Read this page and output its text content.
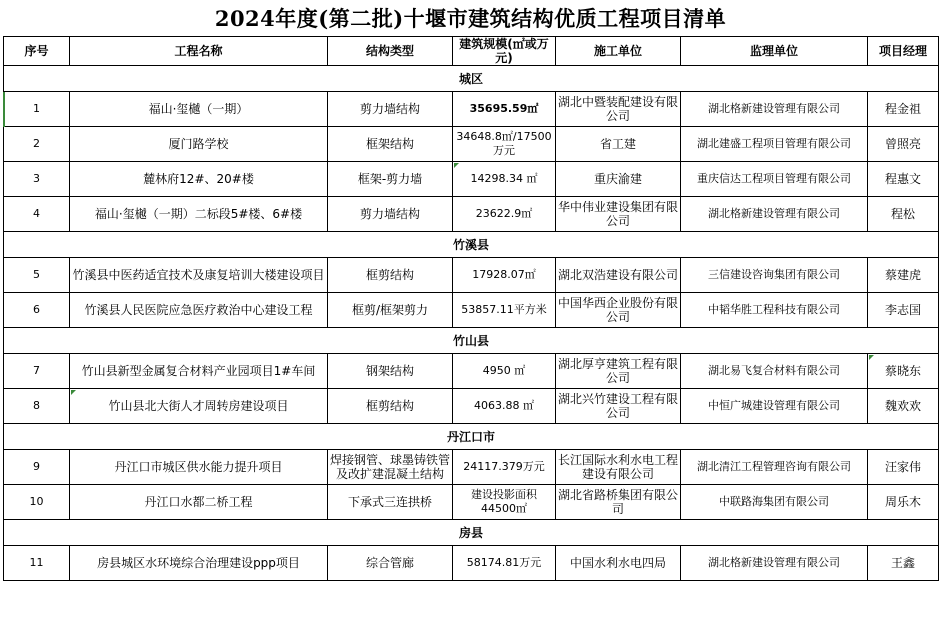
2024年度(第二批)十堰市建筑结构优质工程项目清单
序号	工程名称	结构类型	建筑规模(㎡或万元)	施工单位	监理单位	项目经理
城区						
1	福山·玺樾（一期）	剪力墙结构	35695.59㎡	湖北中暨装配建设有限公司	湖北格新建设管理有限公司	程金祖
2	厦门路学校	框架结构	34648.8㎡/17500万元	省工建	湖北建盛工程项目管理有限公司	曾照亮
3	麓林府12#、20#楼	框架-剪力墙	14298.34 ㎡	重庆渝建	重庆信达工程项目管理有限公司	程惠文
4	福山·玺樾（一期）二标段5#楼、6#楼	剪力墙结构	23622.9㎡	华中伟业建设集团有限公司	湖北格新建设管理有限公司	程松
竹溪县						
5	竹溪县中医药适宜技术及康复培训大楼建设项目	框剪结构	17928.07㎡	湖北双浩建设有限公司	三信建设咨询集团有限公司	蔡建虎
6	竹溪县人民医院应急医疗救治中心建设工程	框剪/框架剪力	53857.11平方米	中国华西企业股份有限公司	中韬华胜工程科技有限公司	李志国
竹山县						
7	竹山县新型金属复合材料产业园项目1#车间	钢架结构	4950 ㎡	湖北厚亨建筑工程有限公司	湖北易飞复合材料有限公司	蔡晓东
8	竹山县北大街人才周转房建设项目	框剪结构	4063.88 ㎡	湖北兴竹建设工程有限公司	中恒广城建设管理有限公司	魏欢欢
丹江口市						
9	丹江口市城区供水能力提升项目	焊接钢管、球墨铸铁管及改扩建混凝土结构	24117.379万元	长江国际水利水电工程建设有限公司	湖北清江工程管理咨询有限公司	汪家伟
10	丹江口水都二桥工程	下承式三连拱桥	建设投影面积44500㎡	湖北省路桥集团有限公司	中联路海集团有限公司	周乐木
房县						
11	房县城区水环境综合治理建设ppp项目	综合管廊	58174.81万元	中国水利水电四局	湖北格新建设管理有限公司	王鑫
